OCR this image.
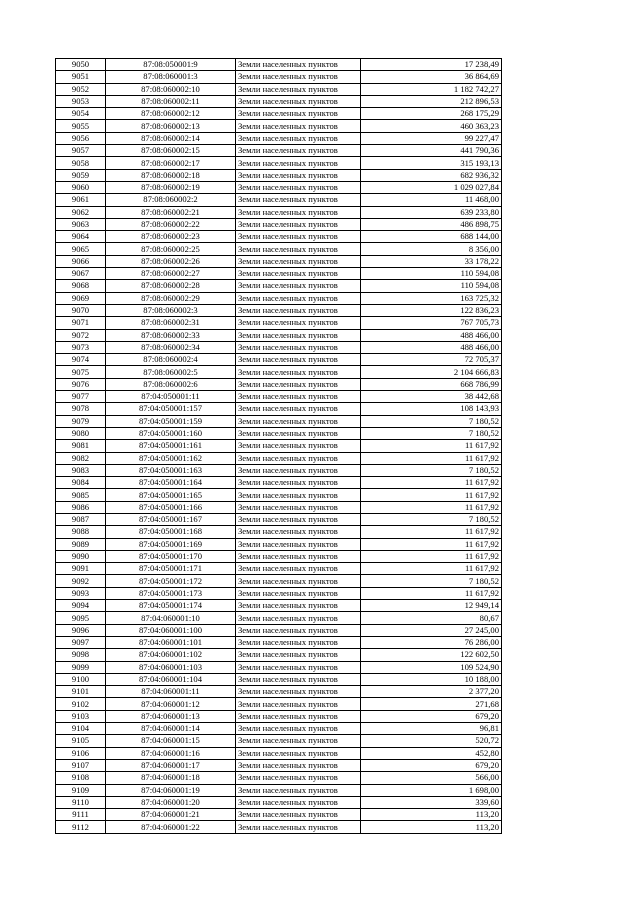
9050	87:08:050001:9	Земли населенных пунктов	17 238,49
9051	87:08:060001:3	Земли населенных пунктов	36 864,69
9052	87:08:060002:10	Земли населенных пунктов	1 182 742,27
9053	87:08:060002:11	Земли населенных пунктов	212 896,53
9054	87:08:060002:12	Земли населенных пунктов	268 175,29
9055	87:08:060002:13	Земли населенных пунктов	460 363,23
9056	87:08:060002:14	Земли населенных пунктов	99 227,47
9057	87:08:060002:15	Земли населенных пунктов	441 790,36
9058	87:08:060002:17	Земли населенных пунктов	315 193,13
9059	87:08:060002:18	Земли населенных пунктов	682 936,32
9060	87:08:060002:19	Земли населенных пунктов	1 029 027,84
9061	87:08:060002:2	Земли населенных пунктов	11 468,00
9062	87:08:060002:21	Земли населенных пунктов	639 233,80
9063	87:08:060002:22	Земли населенных пунктов	486 898,75
9064	87:08:060002:23	Земли населенных пунктов	688 144,00
9065	87:08:060002:25	Земли населенных пунктов	8 356,00
9066	87:08:060002:26	Земли населенных пунктов	33 178,22
9067	87:08:060002:27	Земли населенных пунктов	110 594,08
9068	87:08:060002:28	Земли населенных пунктов	110 594,08
9069	87:08:060002:29	Земли населенных пунктов	163 725,32
9070	87:08:060002:3	Земли населенных пунктов	122 836,23
9071	87:08:060002:31	Земли населенных пунктов	767 705,73
9072	87:08:060002:33	Земли населенных пунктов	488 466,00
9073	87:08:060002:34	Земли населенных пунктов	488 466,00
9074	87:08:060002:4	Земли населенных пунктов	72 705,37
9075	87:08:060002:5	Земли населенных пунктов	2 104 666,83
9076	87:08:060002:6	Земли населенных пунктов	668 786,99
9077	87:04:050001:11	Земли населенных пунктов	38 442,68
9078	87:04:050001:157	Земли населенных пунктов	108 143,93
9079	87:04:050001:159	Земли населенных пунктов	7 180,52
9080	87:04:050001:160	Земли населенных пунктов	7 180,52
9081	87:04:050001:161	Земли населенных пунктов	11 617,92
9082	87:04:050001:162	Земли населенных пунктов	11 617,92
9083	87:04:050001:163	Земли населенных пунктов	7 180,52
9084	87:04:050001:164	Земли населенных пунктов	11 617,92
9085	87:04:050001:165	Земли населенных пунктов	11 617,92
9086	87:04:050001:166	Земли населенных пунктов	11 617,92
9087	87:04:050001:167	Земли населенных пунктов	7 180,52
9088	87:04:050001:168	Земли населенных пунктов	11 617,92
9089	87:04:050001:169	Земли населенных пунктов	11 617,92
9090	87:04:050001:170	Земли населенных пунктов	11 617,92
9091	87:04:050001:171	Земли населенных пунктов	11 617,92
9092	87:04:050001:172	Земли населенных пунктов	7 180,52
9093	87:04:050001:173	Земли населенных пунктов	11 617,92
9094	87:04:050001:174	Земли населенных пунктов	12 949,14
9095	87:04:060001:10	Земли населенных пунктов	80,67
9096	87:04:060001:100	Земли населенных пунктов	27 245,00
9097	87:04:060001:101	Земли населенных пунктов	76 286,00
9098	87:04:060001:102	Земли населенных пунктов	122 602,50
9099	87:04:060001:103	Земли населенных пунктов	109 524,90
9100	87:04:060001:104	Земли населенных пунктов	10 188,00
9101	87:04:060001:11	Земли населенных пунктов	2 377,20
9102	87:04:060001:12	Земли населенных пунктов	271,68
9103	87:04:060001:13	Земли населенных пунктов	679,20
9104	87:04:060001:14	Земли населенных пунктов	96,81
9105	87:04:060001:15	Земли населенных пунктов	520,72
9106	87:04:060001:16	Земли населенных пунктов	452,80
9107	87:04:060001:17	Земли населенных пунктов	679,20
9108	87:04:060001:18	Земли населенных пунктов	566,00
9109	87:04:060001:19	Земли населенных пунктов	1 698,00
9110	87:04:060001:20	Земли населенных пунктов	339,60
9111	87:04:060001:21	Земли населенных пунктов	113,20
9112	87:04:060001:22	Земли населенных пунктов	113,20
